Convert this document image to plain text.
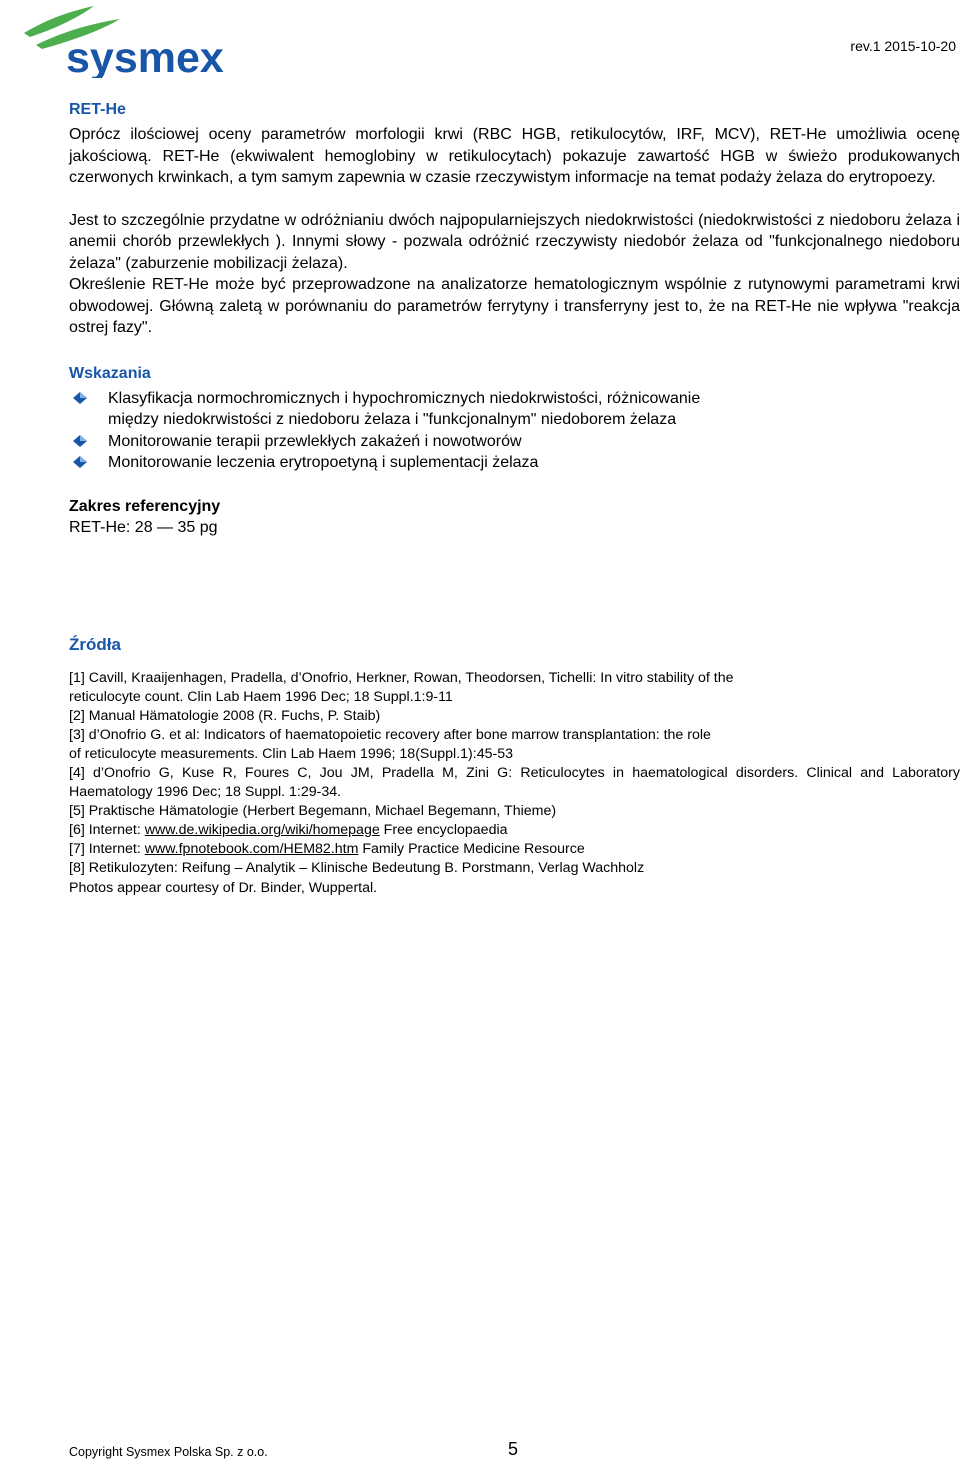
sysmex	rev.1 2015-10-20
RET-He

Oprócz ilościowej oceny parametrów morfologii krwi (RBC HGB, retikulocytów, IRF, MCV), RET-He umożliwia ocenę jakościową. RET-He (ekwiwalent hemoglobiny w retikulocytach) pokazuje zawartość HGB w świeżo produkowanych czerwonych krwinkach, a tym samym zapewnia w czasie rzeczywistym informacje na temat podaży żelaza do erytropoezy.

Jest to szczególnie przydatne w odróżnianiu dwóch najpopularniejszych niedokrwistości (niedokrwistości z niedoboru żelaza i anemii chorób przewlekłych ). Innymi słowy - pozwala odróżnić rzeczywisty niedobór żelaza od "funkcjonalnego niedoboru żelaza" (zaburzenie mobilizacji żelaza).

Określenie RET-He może być przeprowadzone na analizatorze hematologicznym wspólnie z rutynowymi parametrami krwi obwodowej. Główną zaletą w porównaniu do parametrów ferrytyny i transferryny jest to, że na RET-He nie wpływa "reakcja ostrej fazy".

Wskazania
Klasyfikacja normochromicznych i hypochromicznych niedokrwistości, różnicowanie
między niedokrwistości z niedoboru żelaza i "funkcjonalnym" niedoborem żelaza
Monitorowanie terapii przewlekłych zakażeń i nowotworów
Monitorowanie leczenia erytropoetyną i suplementacji żelaza
Zakres referencyjny
RET-He: 28 ― 35 pg
Źródła
[1] Cavill, Kraaijenhagen, Pradella, d’Onofrio, Herkner, Rowan, Theodorsen, Tichelli: In vitro stability of the
reticulocyte count. Clin Lab Haem 1996 Dec; 18 Suppl.1:9-11
[2] Manual Hämatologie 2008 (R. Fuchs, P. Staib)
[3] d’Onofrio G. et al: Indicators of haematopoietic recovery after bone marrow transplantation: the role
of reticulocyte measurements. Clin Lab Haem 1996; 18(Suppl.1):45-53
[4] d’Onofrio G, Kuse R, Foures C, Jou JM, Pradella M, Zini G: Reticulocytes in haematological disorders. Clinical and Laboratory Haematology 1996 Dec; 18 Suppl. 1:29-34.
[5] Praktische Hämatologie (Herbert Begemann, Michael Begemann, Thieme)
[6] Internet: www.de.wikipedia.org/wiki/homepage Free encyclopaedia
[7] Internet: www.fpnotebook.com/HEM82.htm Family Practice Medicine Resource
[8] Retikulozyten: Reifung – Analytik – Klinische Bedeutung B. Porstmann, Verlag Wachholz
Photos appear courtesy of Dr. Binder, Wuppertal.
Copyright Sysmex Polska Sp. z o.o.	5
